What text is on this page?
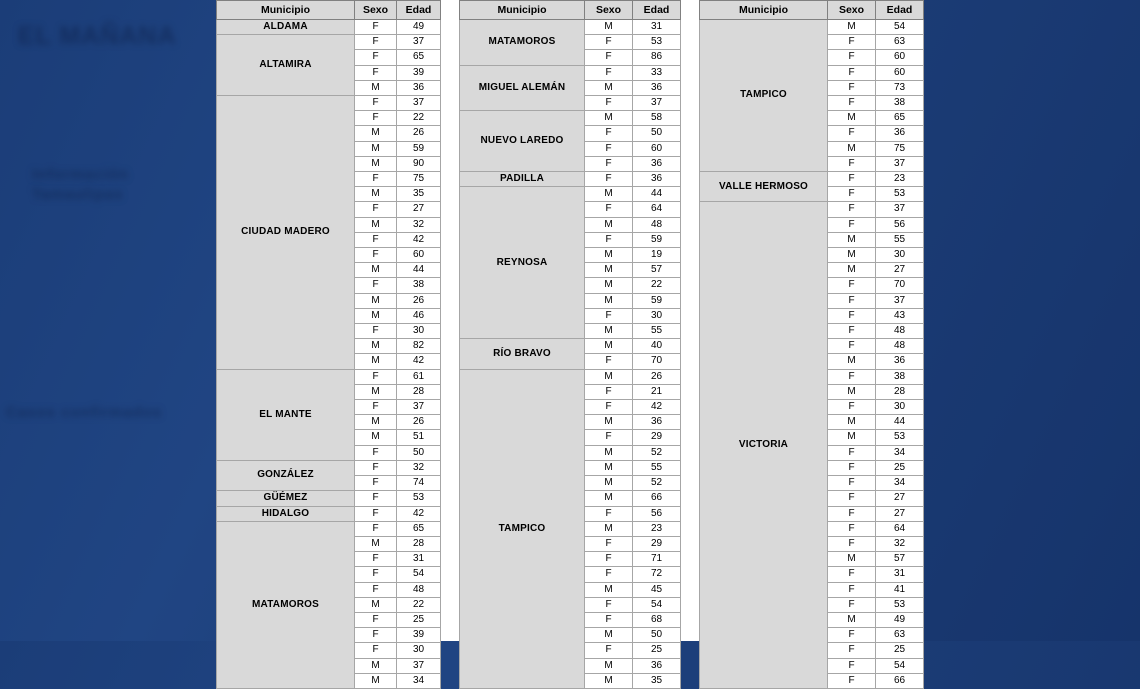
EL MAÑANA
Información
Tamaulipas
Casos confirmados
Municipio	Sexo	Edad
ALDAMA	F	49
ALTAMIRA	F	37
	F	65
	F	39
	M	36
CIUDAD MADERO	F	37
	F	22
	M	26
	M	59
	M	90
	F	75
	M	35
	F	27
	M	32
	F	42
	F	60
	M	44
	F	38
	M	26
	M	46
	F	30
	M	82
	M	42
EL MANTE	F	61
	M	28
	F	37
	M	26
	M	51
	F	50
GONZÁLEZ	F	32
	F	74
GÜÉMEZ	F	53
HIDALGO	F	42
MATAMOROS	F	65
	M	28
	F	31
	F	54
	F	48
	M	22
	F	25
	F	39
	F	30
	M	37
	M	34
Municipio	Sexo	Edad
MATAMOROS	M	31
	F	53
	F	86
MIGUEL ALEMÁN	F	33
	M	36
	F	37
NUEVO LAREDO	M	58
	F	50
	F	60
	F	36
PADILLA	F	36
REYNOSA	M	44
	F	64
	M	48
	F	59
	M	19
	M	57
	M	22
	M	59
	F	30
	M	55
RÍO BRAVO	M	40
	F	70
TAMPICO	M	26
	F	21
	F	42
	M	36
	F	29
	M	52
	M	55
	M	52
	M	66
	F	56
	M	23
	F	29
	F	71
	F	72
	M	45
	F	54
	F	68
	M	50
	F	25
	M	36
	M	35
Municipio	Sexo	Edad
TAMPICO	M	54
	F	63
	F	60
	F	60
	F	73
	F	38
	M	65
	F	36
	M	75
	F	37
VALLE HERMOSO	F	23
	F	53
VICTORIA	F	37
	F	56
	M	55
	M	30
	M	27
	F	70
	F	37
	F	43
	F	48
	F	48
	M	36
	F	38
	M	28
	F	30
	M	44
	M	53
	F	34
	F	25
	F	34
	F	27
	F	27
	F	64
	F	32
	M	57
	F	31
	F	41
	F	53
	M	49
	F	63
	F	25
	F	54
	F	66
